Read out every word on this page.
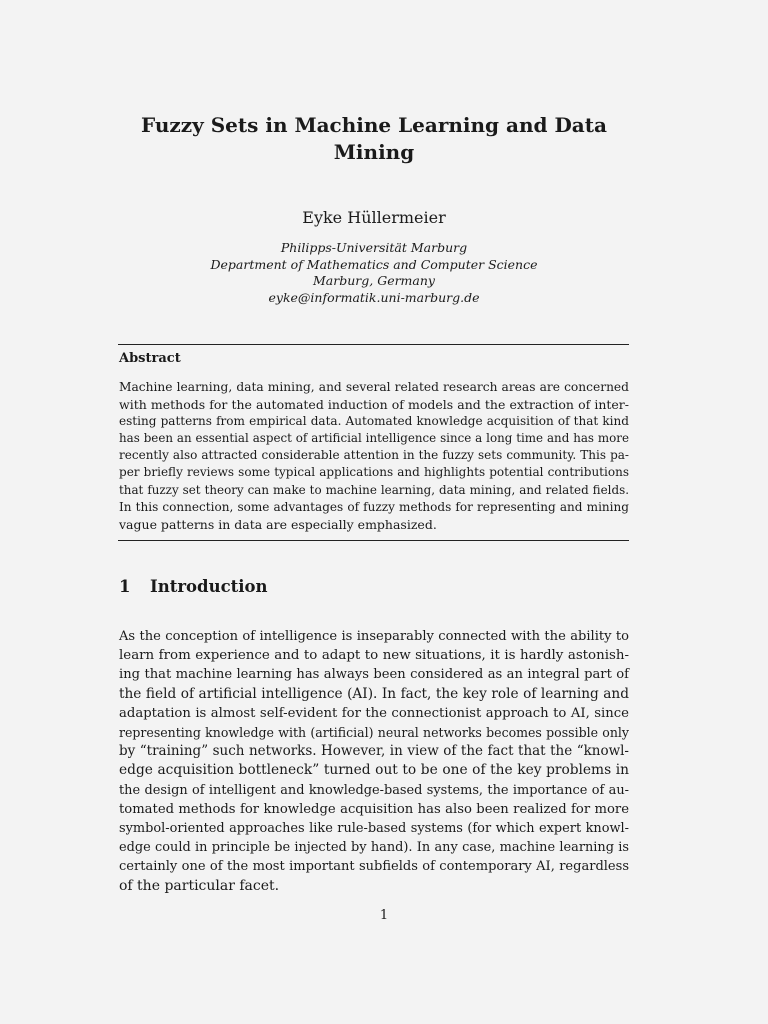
Fuzzy Sets in Machine Learning and Data
Mining
Eyke Hüllermeier
Philipps-Universität Marburg
Department of Mathematics and Computer Science
Marburg, Germany
eyke@informatik.uni-marburg.de
Abstract
Machine learning, data mining, and several related research areas are concerned
with methods for the automated induction of models and the extraction of inter-
esting patterns from empirical data. Automated knowledge acquisition of that kind
has been an essential aspect of artificial intelligence since a long time and has more
recently also attracted considerable attention in the fuzzy sets community. This pa-
per briefly reviews some typical applications and highlights potential contributions
that fuzzy set theory can make to machine learning, data mining, and related fields.
In this connection, some advantages of fuzzy methods for representing and mining
vague patterns in data are especially emphasized.
1 Introduction
As the conception of intelligence is inseparably connected with the ability to
learn from experience and to adapt to new situations, it is hardly astonish-
ing that machine learning has always been considered as an integral part of
the field of artificial intelligence (AI). In fact, the key role of learning and
adaptation is almost self-evident for the connectionist approach to AI, since
representing knowledge with (artificial) neural networks becomes possible only
by “training” such networks. However, in view of the fact that the “knowl-
edge acquisition bottleneck” turned out to be one of the key problems in
the design of intelligent and knowledge-based systems, the importance of au-
tomated methods for knowledge acquisition has also been realized for more
symbol-oriented approaches like rule-based systems (for which expert knowl-
edge could in principle be injected by hand). In any case, machine learning is
certainly one of the most important subfields of contemporary AI, regardless
of the particular facet.
1
